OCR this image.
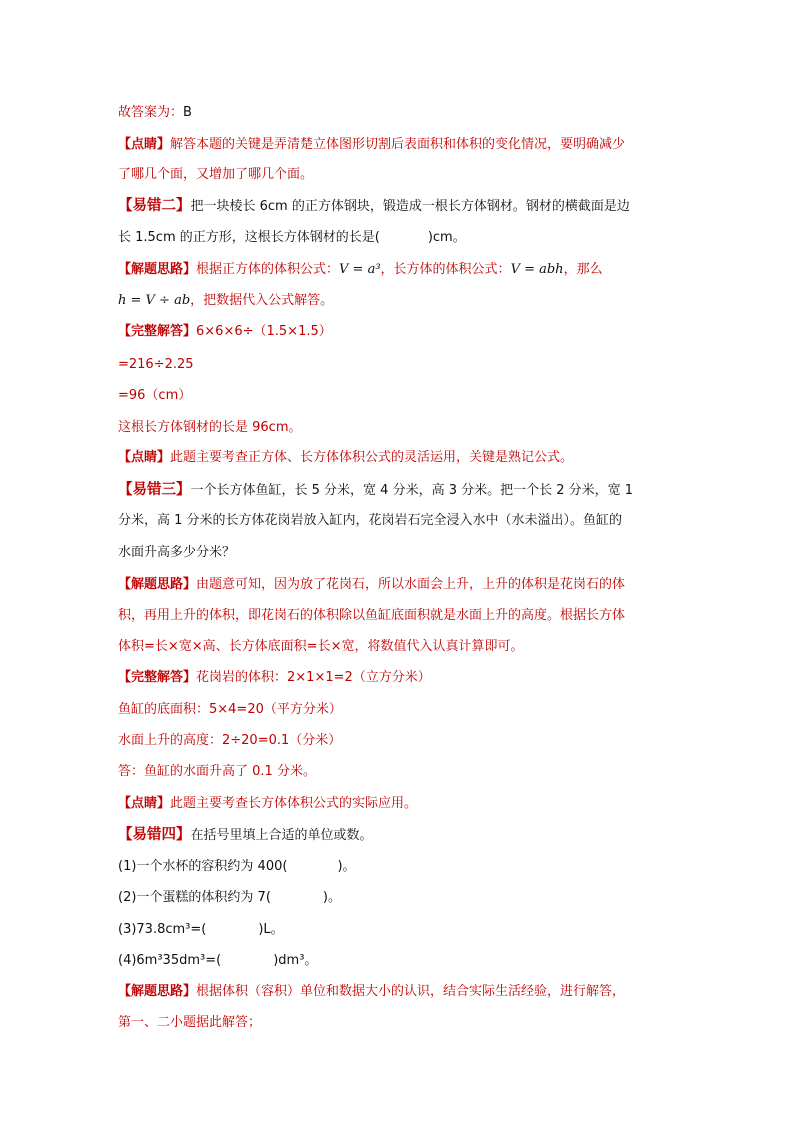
故答案为：B
【点睛】解答本题的关键是弄清楚立体图形切割后表面积和体积的变化情况，要明确减少
了哪几个面，又增加了哪几个面。
【易错二】把一块棱长 6cm 的正方体钢块，锻造成一根长方体钢材。钢材的横截面是边
长 1.5cm 的正方形，这根长方体钢材的长是(	)cm。
【解题思路】根据正方体的体积公式：V = a³，长方体的体积公式：V = abh，那么
h = V ÷ ab，把数据代入公式解答。
【完整解答】6×6×6÷（1.5×1.5）
=216÷2.25
=96（cm）
这根长方体钢材的长是 96cm。
【点睛】此题主要考查正方体、长方体体积公式的灵活运用，关键是熟记公式。
【易错三】一个长方体鱼缸，长 5 分米，宽 4 分米，高 3 分米。把一个长 2 分米，宽 1
分米，高 1 分米的长方体花岗岩放入缸内，花岗岩石完全浸入水中（水未溢出）。鱼缸的
水面升高多少分米？
【解题思路】由题意可知，因为放了花岗石，所以水面会上升，上升的体积是花岗石的体
积，再用上升的体积，即花岗石的体积除以鱼缸底面积就是水面上升的高度。根据长方体
体积=长×宽×高、长方体底面积=长×宽，将数值代入认真计算即可。
【完整解答】花岗岩的体积：2×1×1=2（立方分米）
鱼缸的底面积：5×4=20（平方分米）
水面上升的高度：2÷20=0.1（分米）
答：鱼缸的水面升高了 0.1 分米。
【点睛】此题主要考查长方体体积公式的实际应用。
【易错四】在括号里填上合适的单位或数。
(1)一个水杯的容积约为 400(	)。
(2)一个蛋糕的体积约为 7(	)。
(3)73.8cm³=(	)L。
(4)6m³35dm³=(	)dm³。
【解题思路】根据体积（容积）单位和数据大小的认识，结合实际生活经验，进行解答，
第一、二小题据此解答；
